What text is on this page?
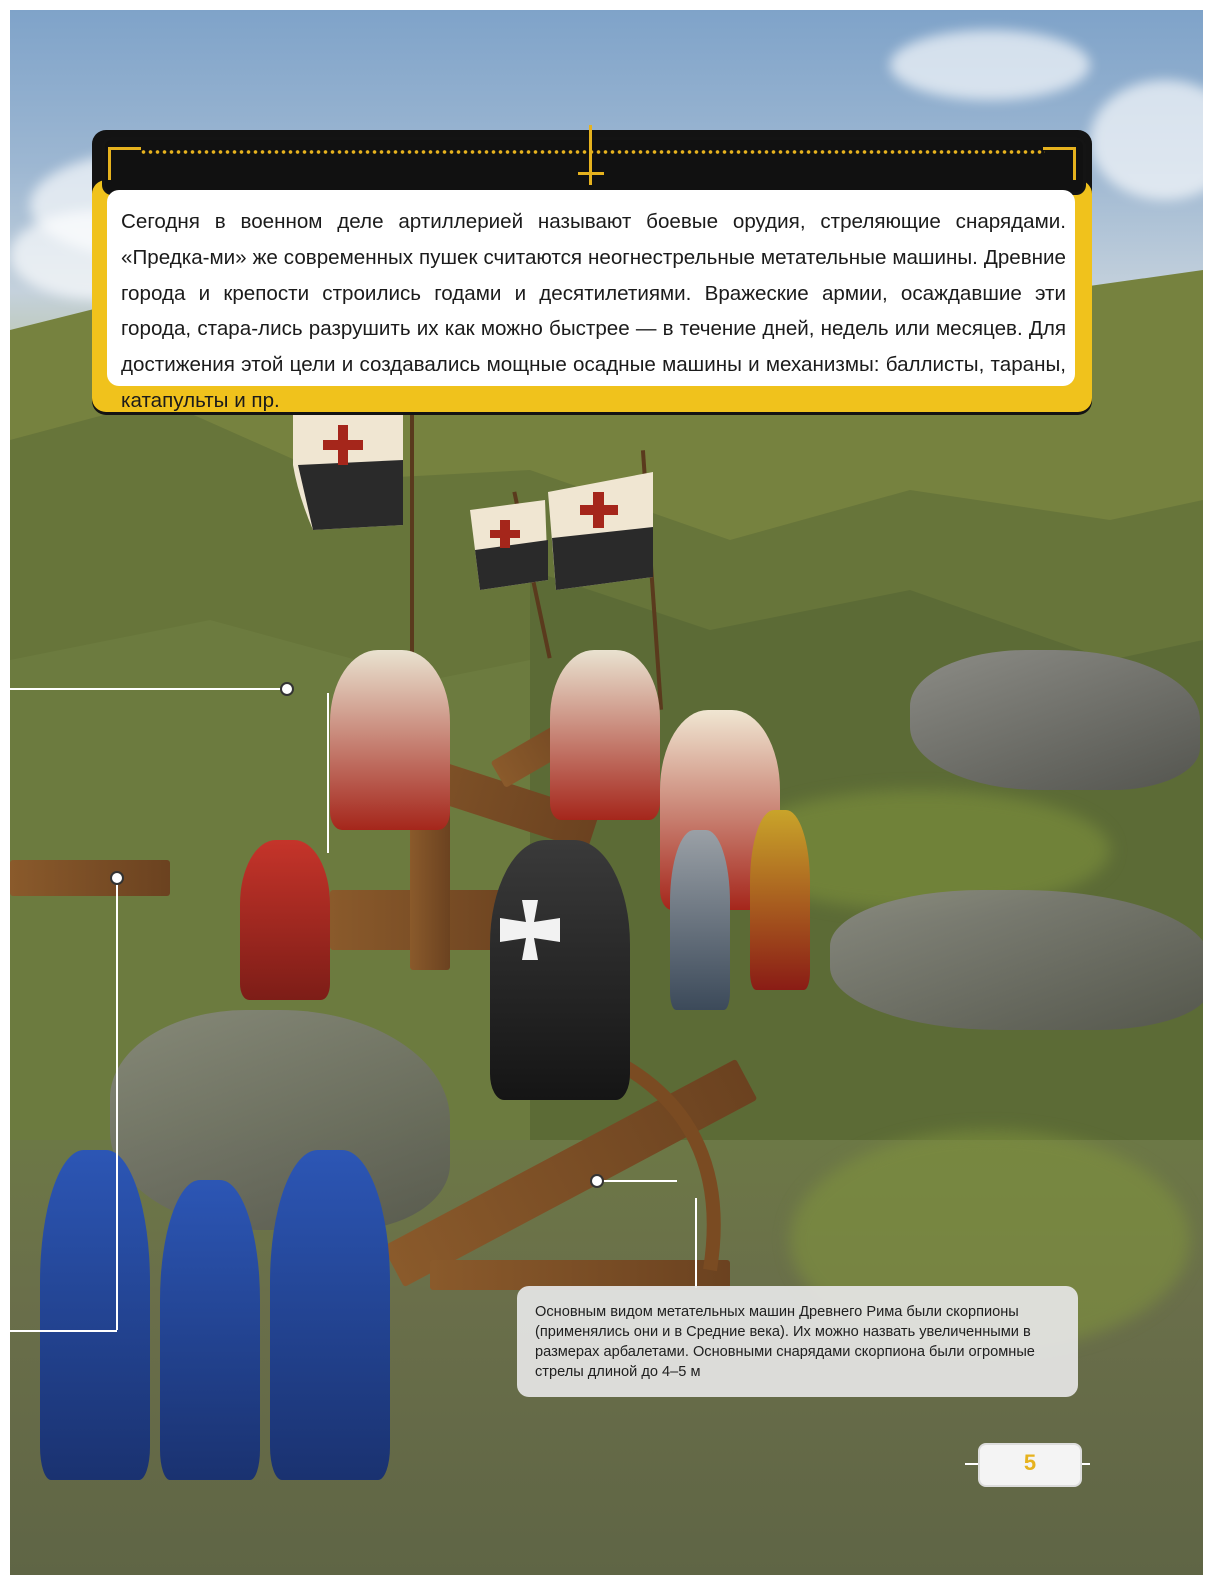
Сегодня в военном деле артиллерией называют боевые орудия, стреляющие снарядами. «Предка-ми» же современных пушек считаются неогнестрельные метательные машины. Древние города и крепости строились годами и десятилетиями. Вражеские армии, осаждавшие эти города, стара-лись разрушить их как можно быстрее — в течение дней, недель или месяцев. Для достижения этой цели и создавались мощные осадные машины и механизмы: баллисты, тараны, катапульты и пр.

Основным видом метательных машин Древнего Рима были скорпионы (применялись они и в Средние века). Их можно назвать увеличенными в размерах арбалетами. Основными снарядами скорпиона были огромные стрелы длиной до 4–5 м

5
